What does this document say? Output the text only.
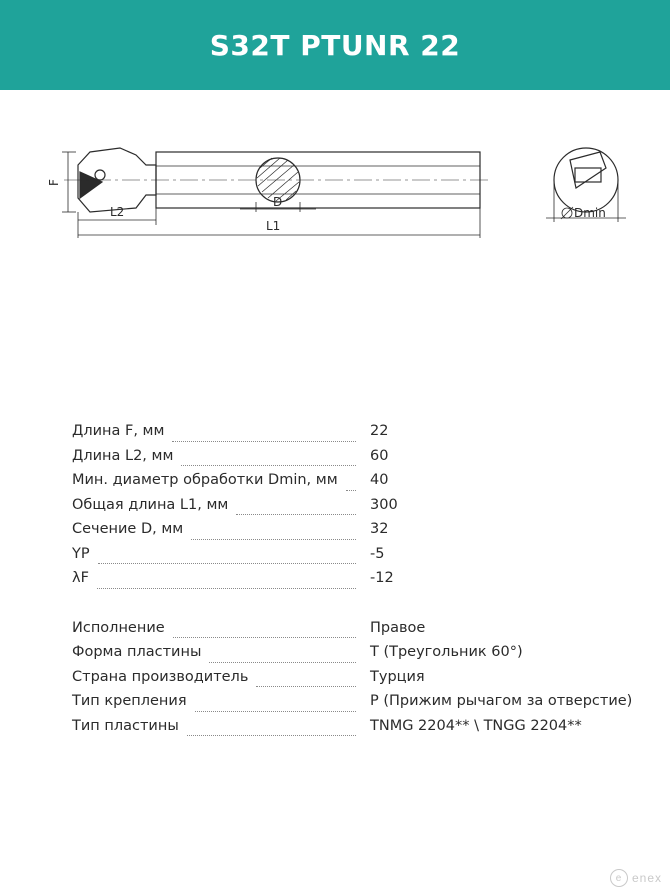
S32T PTUNR 22
F
L2
L1
D
Dmin
Длина F, мм	22
Длина L2, мм	60
Мин. диаметр обработки Dmin, мм 40
Общая длина L1, мм	300
Сечение D, мм	32
YP	-5
λF	-12
Исполнение	Правое
Форма пластины	T (Треугольник 60°)
Страна производитель	Турция
Тип крепления	P (Прижим рычагом за отверстие)
Тип пластины	TNMG 2204** \ TNGG 2204**
e enex
